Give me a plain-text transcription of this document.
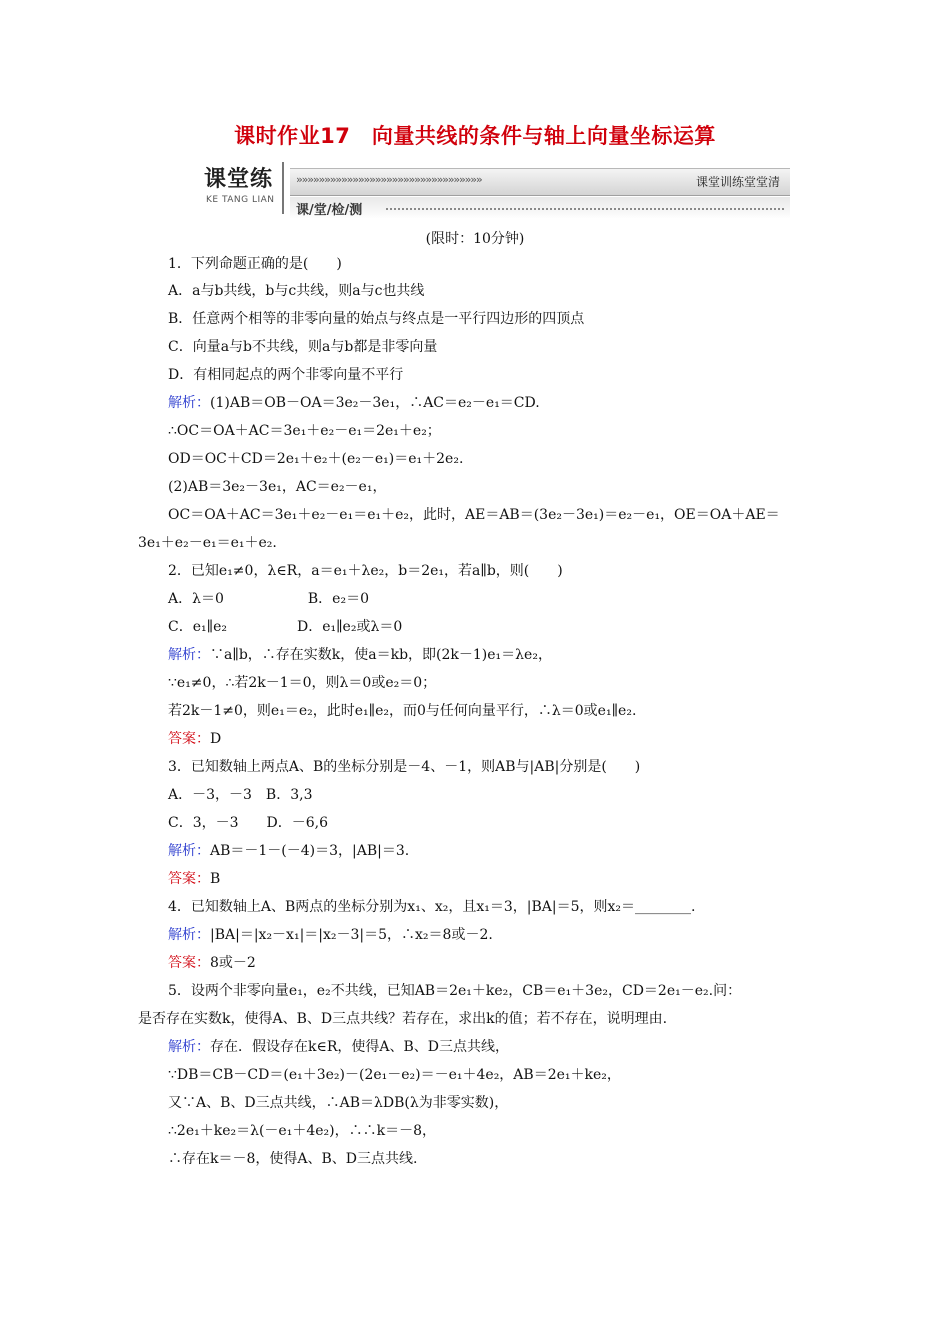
课时作业17　向量共线的条件与轴上向量坐标运算
课堂练
KE TANG LIAN
»»»»»»»»»»»»»»»»»»»»»»»»»»»»»»»»»	课堂训练堂堂清
课/堂/检/测
(限时：10分钟)
1．下列命题正确的是(　　)
A．a与b共线，b与c共线，则a与c也共线
B．任意两个相等的非零向量的始点与终点是一平行四边形的四顶点
C．向量a与b不共线，则a与b都是非零向量
D．有相同起点的两个非零向量不平行
解析：(1)AB＝OB－OA＝3e₂－3e₁，∴AC＝e₂－e₁＝CD.
∴OC＝OA＋AC＝3e₁＋e₂－e₁＝2e₁＋e₂；
OD＝OC＋CD＝2e₁＋e₂＋(e₂－e₁)＝e₁＋2e₂.
(2)AB＝3e₂－3e₁，AC＝e₂－e₁，
OC＝OA＋AC＝3e₁＋e₂－e₁＝e₁＋e₂，此时，AE＝AB＝(3e₂－3e₁)＝e₂－e₁，OE＝OA＋AE＝
3e₁＋e₂－e₁＝e₁＋e₂.
2．已知e₁≠0，λ∈R，a＝e₁＋λe₂，b＝2e₁，若a∥b，则(　　)
A．λ＝0　　　　　　B．e₂＝0
C．e₁∥e₂　　　　　D．e₁∥e₂或λ＝0
解析：∵a∥b，∴存在实数k，使a＝kb，即(2k－1)e₁＝λe₂，
∵e₁≠0，∴若2k－1＝0，则λ＝0或e₂＝0；
若2k－1≠0，则e₁＝e₂，此时e₁∥e₂，而0与任何向量平行，∴λ＝0或e₁∥e₂.
答案：D
3．已知数轴上两点A、B的坐标分别是－4、－1，则AB与|AB|分别是(　　)
A．－3，－3　B．3,3
C．3，－3　　D．－6,6
解析：AB＝－1－(－4)＝3，|AB|＝3.
答案：B
4．已知数轴上A、B两点的坐标分别为x₁、x₂，且x₁＝3，|BA|＝5，则x₂＝________.
解析：|BA|＝|x₂－x₁|＝|x₂－3|＝5，∴x₂＝8或－2.
答案：8或－2
5．设两个非零向量e₁，e₂不共线，已知AB＝2e₁＋ke₂，CB＝e₁＋3e₂，CD＝2e₁－e₂.问：
是否存在实数k，使得A、B、D三点共线？若存在，求出k的值；若不存在，说明理由.
解析：存在．假设存在k∈R，使得A、B、D三点共线，
∵DB＝CB－CD＝(e₁＋3e₂)－(2e₁－e₂)＝－e₁＋4e₂，AB＝2e₁＋ke₂，
又∵A、B、D三点共线，∴AB＝λDB(λ为非零实数)，
∴2e₁＋ke₂＝λ(－e₁＋4e₂)，∴∴k＝－8，
∴存在k＝－8，使得A、B、D三点共线.
